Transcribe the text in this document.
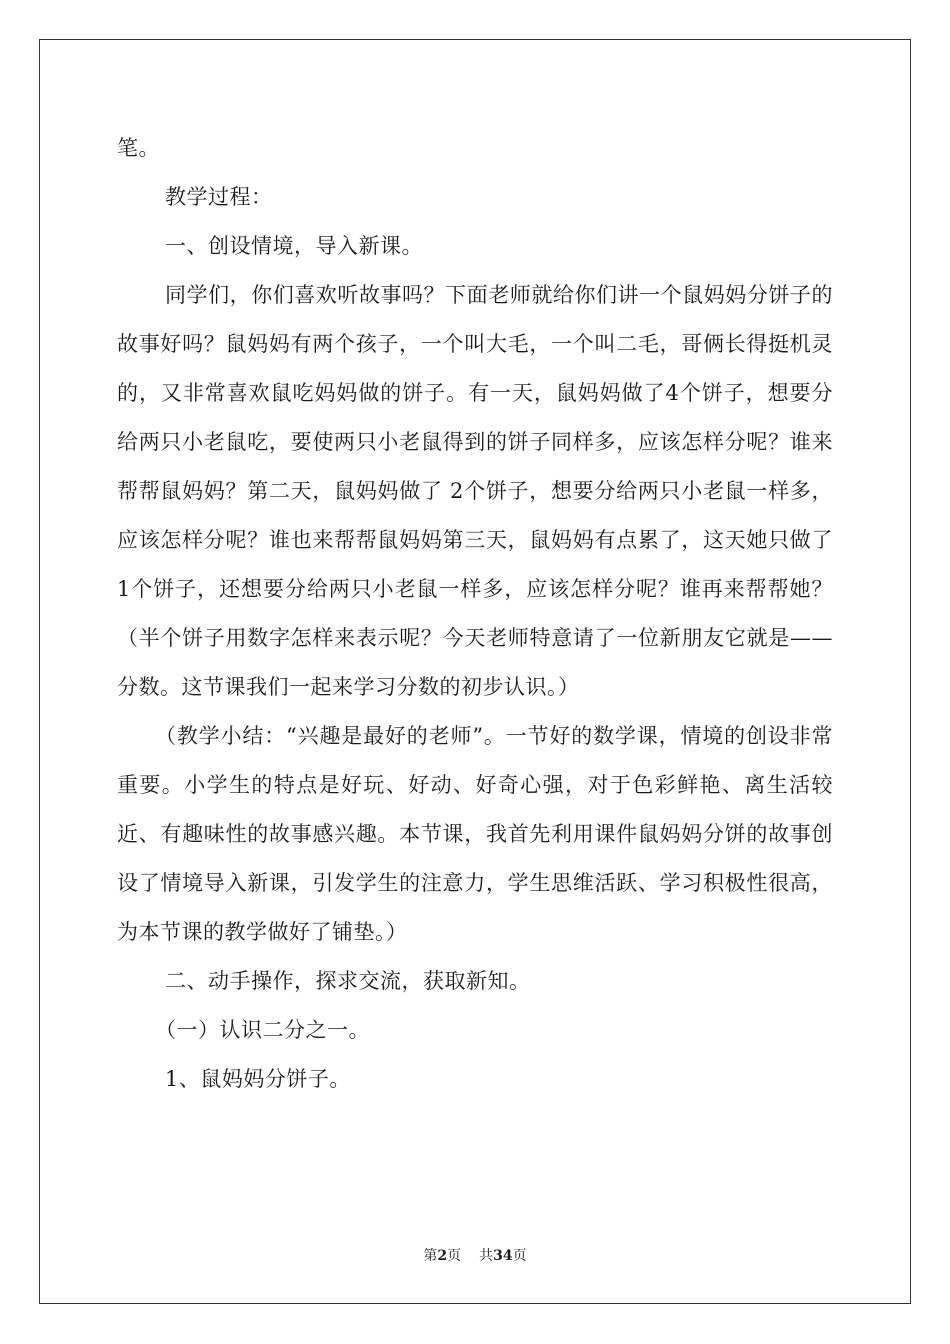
笔。

教学过程：

一、创设情境，导入新课。

同学们，你们喜欢听故事吗？下面老师就给你们讲一个鼠妈妈分饼子的故事好吗？鼠妈妈有两个孩子，一个叫大毛，一个叫二毛，哥俩长得挺机灵的，又非常喜欢鼠吃妈妈做的饼子。有一天，鼠妈妈做了4个饼子，想要分给两只小老鼠吃，要使两只小老鼠得到的饼子同样多，应该怎样分呢？谁来帮帮鼠妈妈？第二天，鼠妈妈做了 2个饼子，想要分给两只小老鼠一样多，应该怎样分呢？谁也来帮帮鼠妈妈第三天，鼠妈妈有点累了，这天她只做了 1个饼子，还想要分给两只小老鼠一样多，应该怎样分呢？谁再来帮帮她？（半个饼子用数字怎样来表示呢？今天老师特意请了一位新朋友它就是——分数。这节课我们一起来学习分数的初步认识。）

（教学小结：“兴趣是最好的老师”。一节好的数学课，情境的创设非常重要。小学生的特点是好玩、好动、好奇心强，对于色彩鲜艳、离生活较近、有趣味性的故事感兴趣。本节课，我首先利用课件鼠妈妈分饼的故事创设了情境导入新课，引发学生的注意力，学生思维活跃、学习积极性很高，为本节课的教学做好了铺垫。）

二、动手操作，探求交流，获取新知。

（一）认识二分之一。

1、鼠妈妈分饼子。

第2页 共34页
